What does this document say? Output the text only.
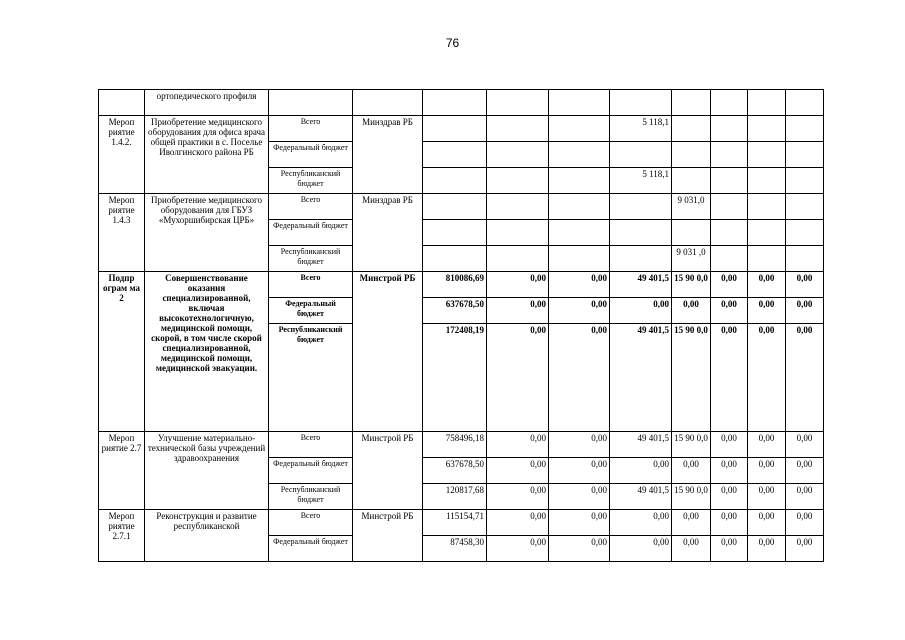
76
	ортопедического профиля										
Мероп риятие 1.4.2.	Приобретение медицинского оборудования для офиса врача общей практики в с. Поселье Иволгинского района РБ	Всего	Минздрав РБ				5 118,1				
		Федеральный бюджет									
		Республиканский бюджет					5 118,1				
Мероп риятие 1.4.3	Приобретение медицинского оборудования для ГБУЗ «Мухоршибирская ЦРБ»	Всего	Минздрав РБ					9 031,0			
		Федеральный бюджет									
		Республиканский бюджет						9 031 ,0			
Подпр ограм ма 2	Совершенствование оказания специализированной, включая высокотехнологичную, медицинской помощи, скорой, в том числе скорой специализированной, медицинской помощи, медицинской эвакуации.	Всего	Минстрой РБ	810086,69	0,00	0,00	49 401,5	15 90 0,0	0,00	0,00	0,00
		Федеральный бюджет		637678,50	0,00	0,00	0,00	0,00	0,00	0,00	0,00
		Республиканский бюджет		172408,19	0,00	0,00	49 401,5	15 90 0,0	0,00	0,00	0,00
Мероп риятие 2.7	Улучшение материально-технической базы учреждений здравоохранения	Всего	Минстрой РБ	758496,18	0,00	0,00	49 401,5	15 90 0,0	0,00	0,00	0,00
		Федеральный бюджет		637678,50	0,00	0,00	0,00	0,00	0,00	0,00	0,00
		Республиканский бюджет		120817,68	0,00	0,00	49 401,5	15 90 0,0	0,00	0,00	0,00
Мероп риятие 2.7.1	Реконструкция и развитие республиканской	Всего	Минстрой РБ	115154,71	0,00	0,00	0,00	0,00	0,00	0,00	0,00
		Федеральный бюджет		87458,30	0,00	0,00	0,00	0,00	0,00	0,00	0,00
